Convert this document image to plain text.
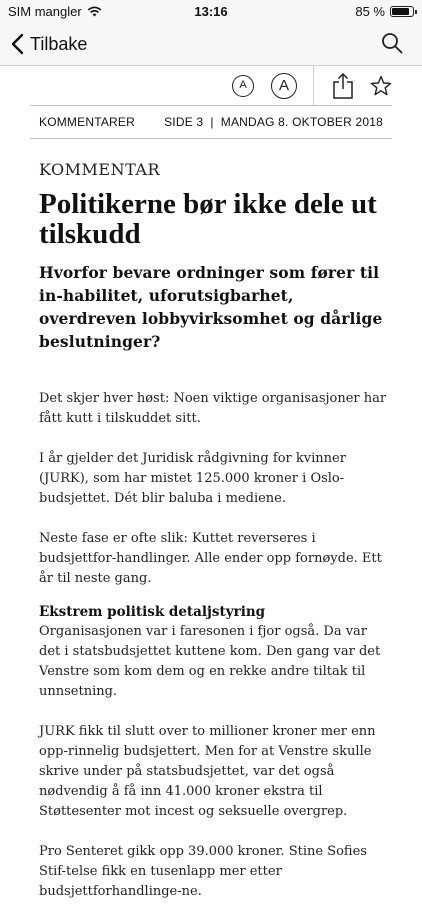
SIM mangler	13:16	85 %
Tilbake
A	A
KOMMENTARER SIDE 3  |  MANDAG 8. OKTOBER 2018
KOMMENTAR
Politikerne bør ikke dele ut tilskudd
Hvorfor bevare ordninger som fører til in-habilitet, uforutsigbarhet, overdreven lobbyvirksomhet og dårlige beslutninger?

Det skjer hver høst: Noen viktige organisasjoner har fått kutt i tilskuddet sitt.

I år gjelder det Juridisk rådgivning for kvinner (JURK), som har mistet 125.000 kroner i Oslo-budsjettet. Dét blir baluba i mediene.

Neste fase er ofte slik: Kuttet reverseres i budsjettfor-handlinger. Alle ender opp fornøyde. Ett år til neste gang.

Ekstrem politisk detaljstyring

Organisasjonen var i faresonen i fjor også. Da var det i statsbudsjettet kuttene kom. Den gang var det Venstre som kom dem og en rekke andre tiltak til unnsetning.

JURK fikk til slutt over to millioner kroner mer enn opp-rinnelig budsjettert. Men for at Venstre skulle skrive under på statsbudsjettet, var det også nødvendig å få inn 41.000 kroner ekstra til Støttesenter mot incest og seksuelle overgrep.

Pro Senteret gikk opp 39.000 kroner. Stine Sofies Stif-telse fikk en tusenlapp mer etter budsjettforhandlinge-ne.
